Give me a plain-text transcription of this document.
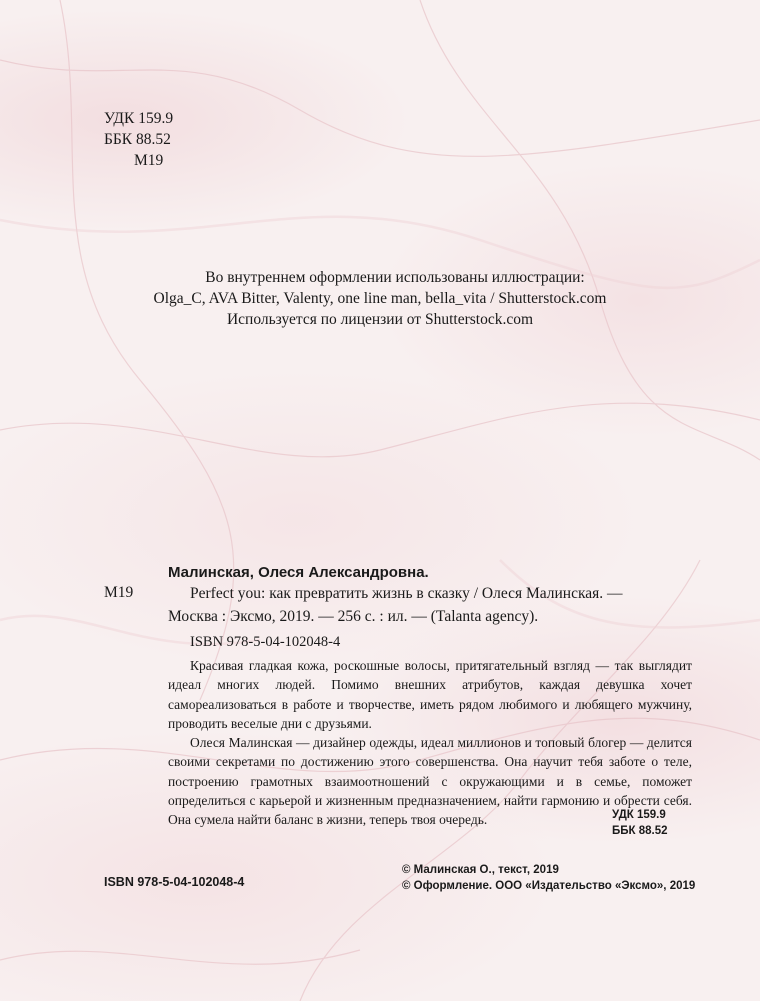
УДК 159.9
ББК 88.52
М19
Во внутреннем оформлении использованы иллюстрации:
Olga_C, AVA Bitter, Valenty, one line man, bella_vita / Shutterstock.com
Используется по лицензии от Shutterstock.com
Малинская, Олеся Александровна.
М19	Perfect you: как превратить жизнь в сказку / Олеся Малинская. —
Москва : Эксмо, 2019. — 256 с. : ил. — (Talanta agency).
ISBN 978-5-04-102048-4

Красивая гладкая кожа, роскошные волосы, притягательный взгляд — так выглядит идеал многих людей. Помимо внешних атрибутов, каждая девушка хочет самореализоваться в работе и творчестве, иметь рядом любимого и любящего мужчину, проводить веселые дни с друзьями.

Олеся Малинская — дизайнер одежды, идеал миллионов и топовый блогер — делится своими секретами по достижению этого совершенства. Она научит тебя заботе о теле, построению грамотных взаимоотношений с окружающими и в семье, поможет определиться с карьерой и жизненным предназначением, найти гармонию и обрести себя. Она сумела найти баланс в жизни, теперь твоя очередь.	УДК 159.9
ББК 88.52
ISBN 978-5-04-102048-4
© Малинская О., текст, 2019
© Оформление. ООО «Издательство «Эксмо», 2019
